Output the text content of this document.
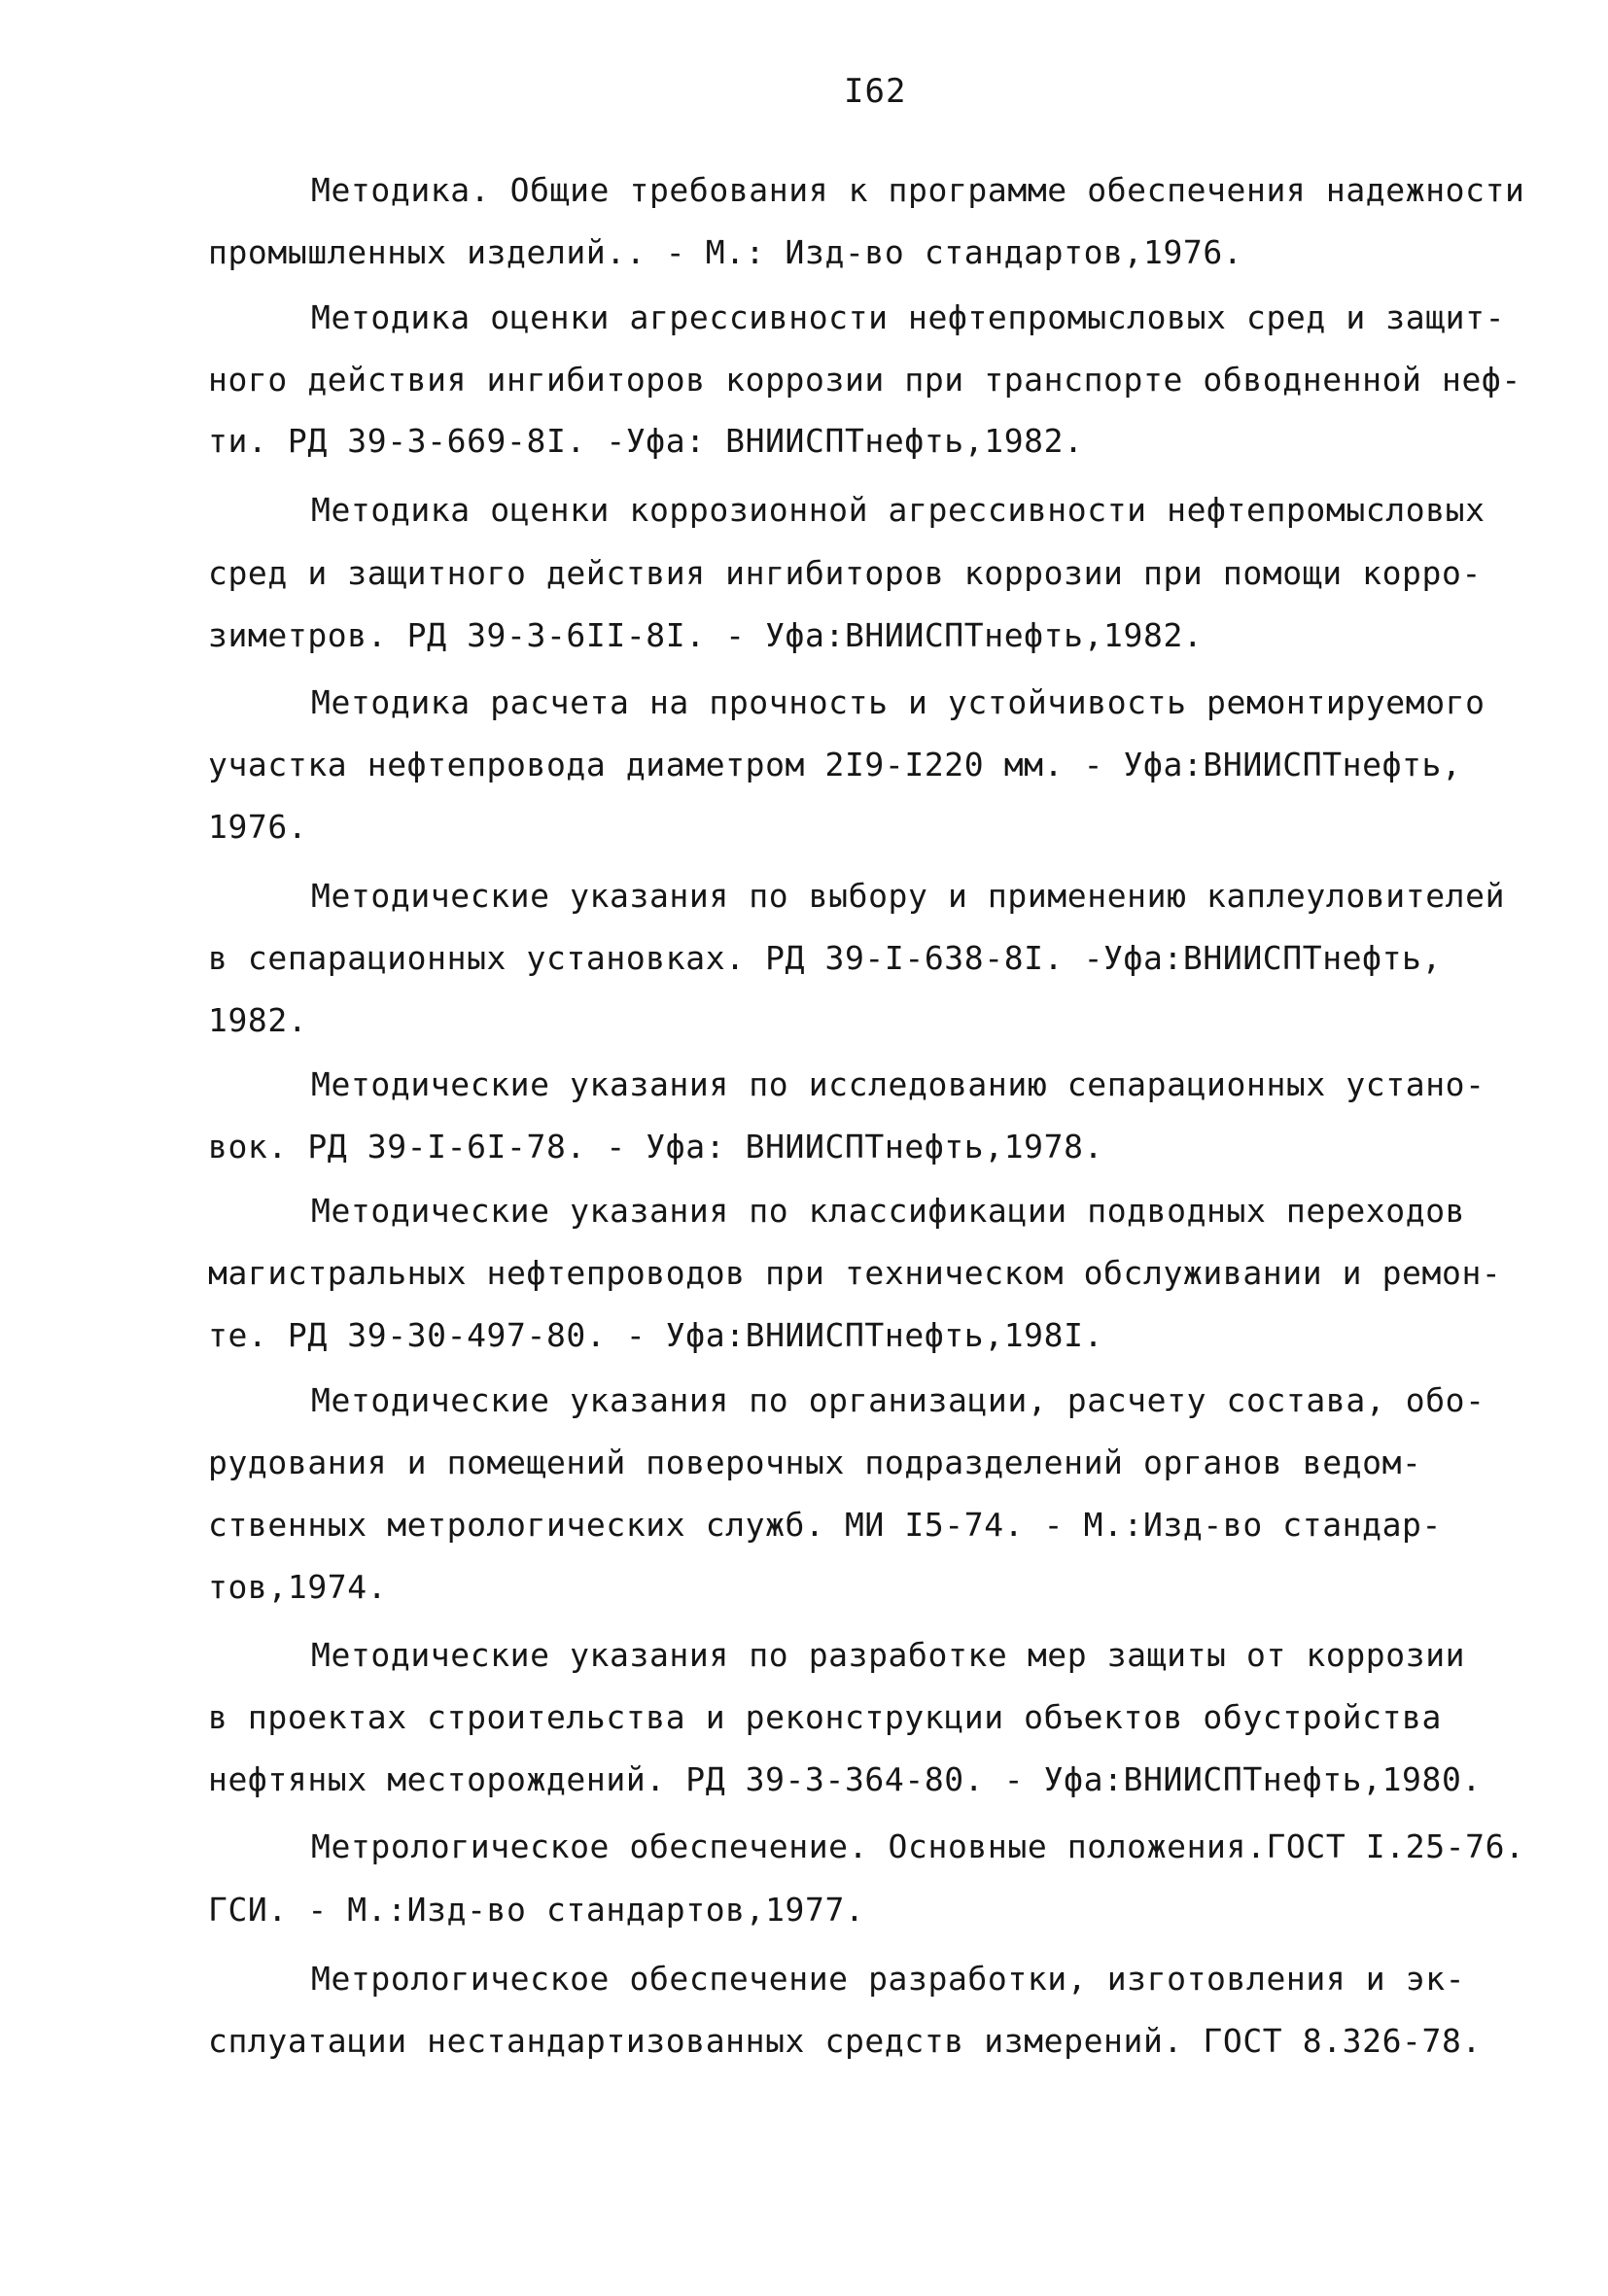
I62
Методика. Общие требования к программе обеспечения надежности
промышленных изделий.. - М.: Изд-во стандартов,1976.
Методика оценки агрессивности нефтепромысловых сред и защит-
ного действия ингибиторов коррозии при транспорте обводненной неф-
ти. РД 39-3-669-8I. -Уфа: ВНИИСПТнефть,1982.
Методика оценки коррозионной агрессивности нефтепромысловых
сред и защитного действия ингибиторов коррозии при помощи корро-
зиметров. РД 39-3-6II-8I. - Уфа:ВНИИСПТнефть,1982.
Методика расчета на прочность и устойчивость ремонтируемого
участка нефтепровода диаметром 2I9-I220 мм. - Уфа:ВНИИСПТнефть,
1976.
Методические указания по выбору и применению каплеуловителей
в сепарационных установках. РД 39-I-638-8I. -Уфа:ВНИИСПТнефть,
1982.
Методические указания по исследованию сепарационных устано-
вок. РД 39-I-6I-78. - Уфа: ВНИИСПТнефть,1978.
Методические указания по классификации подводных переходов
магистральных нефтепроводов при техническом обслуживании и ремон-
те. РД 39-30-497-80. - Уфа:ВНИИСПТнефть,198I.
Методические указания по организации, расчету состава, обо-
рудования и помещений поверочных подразделений органов ведом-
ственных метрологических служб. МИ I5-74. - М.:Изд-во стандар-
тов,1974.
Методические указания по разработке мер защиты от коррозии
в проектах строительства и реконструкции объектов обустройства
нефтяных месторождений. РД 39-3-364-80. - Уфа:ВНИИСПТнефть,1980.
Метрологическое обеспечение. Основные положения.ГОСТ I.25-76.
ГСИ. - М.:Изд-во стандартов,1977.
Метрологическое обеспечение разработки, изготовления и эк-
сплуатации нестандартизованных средств измерений. ГОСТ 8.326-78.
